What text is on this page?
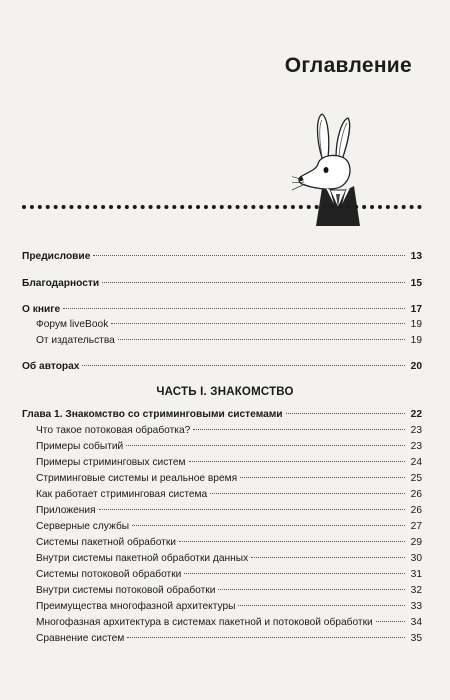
Оглавление
Предисловие	13
Благодарности	15
О книге	17
Форум liveBook	19
От издательства	19
Об авторах	20
Глава 1. Знакомство со стриминговыми системами	22
Что такое потоковая обработка?	23
Примеры событий	23
Примеры стриминговых систем	24
Стриминговые системы и реальное время	25
Как работает стриминговая система	26
Приложения	26
Серверные службы	27
Системы пакетной обработки	29
Внутри системы пакетной обработки данных	30
Системы потоковой обработки	31
Внутри системы потоковой обработки	32
Преимущества многофазной архитектуры	33
Многофазная архитектура в системах пакетной и потоковой обработки	34
Сравнение систем	35
ЧАСТЬ I. ЗНАКОМСТВО
